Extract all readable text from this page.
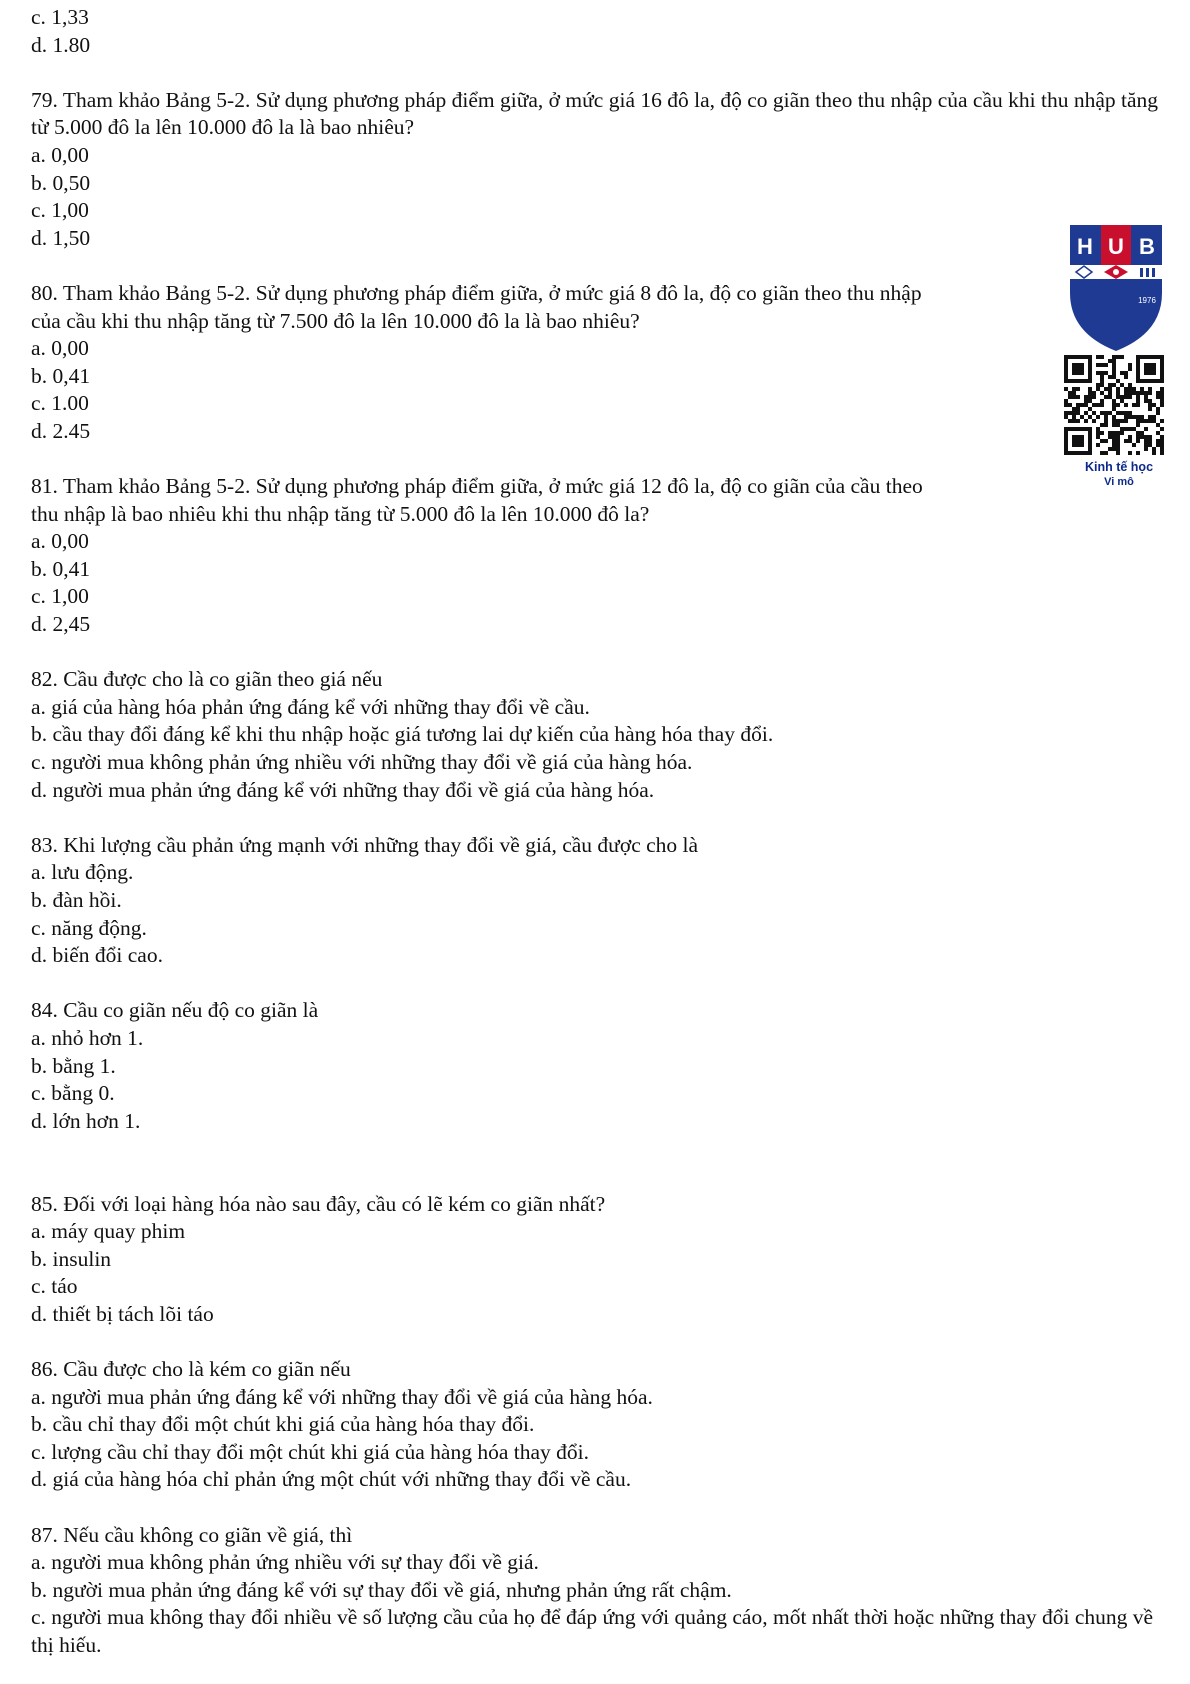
c. 1,33
d. 1.80
79. Tham khảo Bảng 5-2. Sử dụng phương pháp điểm giữa, ở mức giá 16 đô la, độ co giãn theo thu nhập của cầu khi thu nhập tăng từ 5.000 đô la lên 10.000 đô la là bao nhiêu?
a. 0,00
b. 0,50
c. 1,00
d. 1,50
80. Tham khảo Bảng 5-2. Sử dụng phương pháp điểm giữa, ở mức giá 8 đô la, độ co giãn theo thu nhập
của cầu khi thu nhập tăng từ 7.500 đô la lên 10.000 đô la là bao nhiêu?
a. 0,00
b. 0,41
c. 1.00
d. 2.45
81. Tham khảo Bảng 5-2. Sử dụng phương pháp điểm giữa, ở mức giá 12 đô la, độ co giãn của cầu theo
thu nhập là bao nhiêu khi thu nhập tăng từ 5.000 đô la lên 10.000 đô la?
a. 0,00
b. 0,41
c. 1,00
d. 2,45
82. Cầu được cho là co giãn theo giá nếu
a. giá của hàng hóa phản ứng đáng kể với những thay đổi về cầu.
b. cầu thay đổi đáng kể khi thu nhập hoặc giá tương lai dự kiến của hàng hóa thay đổi.
c. người mua không phản ứng nhiều với những thay đổi về giá của hàng hóa.
d. người mua phản ứng đáng kể với những thay đổi về giá của hàng hóa.
83. Khi lượng cầu phản ứng mạnh với những thay đổi về giá, cầu được cho là
a. lưu động.
b. đàn hồi.
c. năng động.
d. biến đổi cao.
84. Cầu co giãn nếu độ co giãn là
a. nhỏ hơn 1.
b. bằng 1.
c. bằng 0.
d. lớn hơn 1.
85. Đối với loại hàng hóa nào sau đây, cầu có lẽ kém co giãn nhất?
a. máy quay phim
b. insulin
c. táo
d. thiết bị tách lõi táo
86. Cầu được cho là kém co giãn nếu
a. người mua phản ứng đáng kể với những thay đổi về giá của hàng hóa.
b. cầu chỉ thay đổi một chút khi giá của hàng hóa thay đổi.
c. lượng cầu chỉ thay đổi một chút khi giá của hàng hóa thay đổi.
d. giá của hàng hóa chỉ phản ứng một chút với những thay đổi về cầu.
87. Nếu cầu không co giãn về giá, thì
a. người mua không phản ứng nhiều với sự thay đổi về giá.
b. người mua phản ứng đáng kể với sự thay đổi về giá, nhưng phản ứng rất chậm.
c. người mua không thay đổi nhiều về số lượng cầu của họ để đáp ứng với quảng cáo, mốt nhất thời hoặc những thay đổi chung về thị hiếu.
H U B
1976
Kinh tế học
Vi mô
